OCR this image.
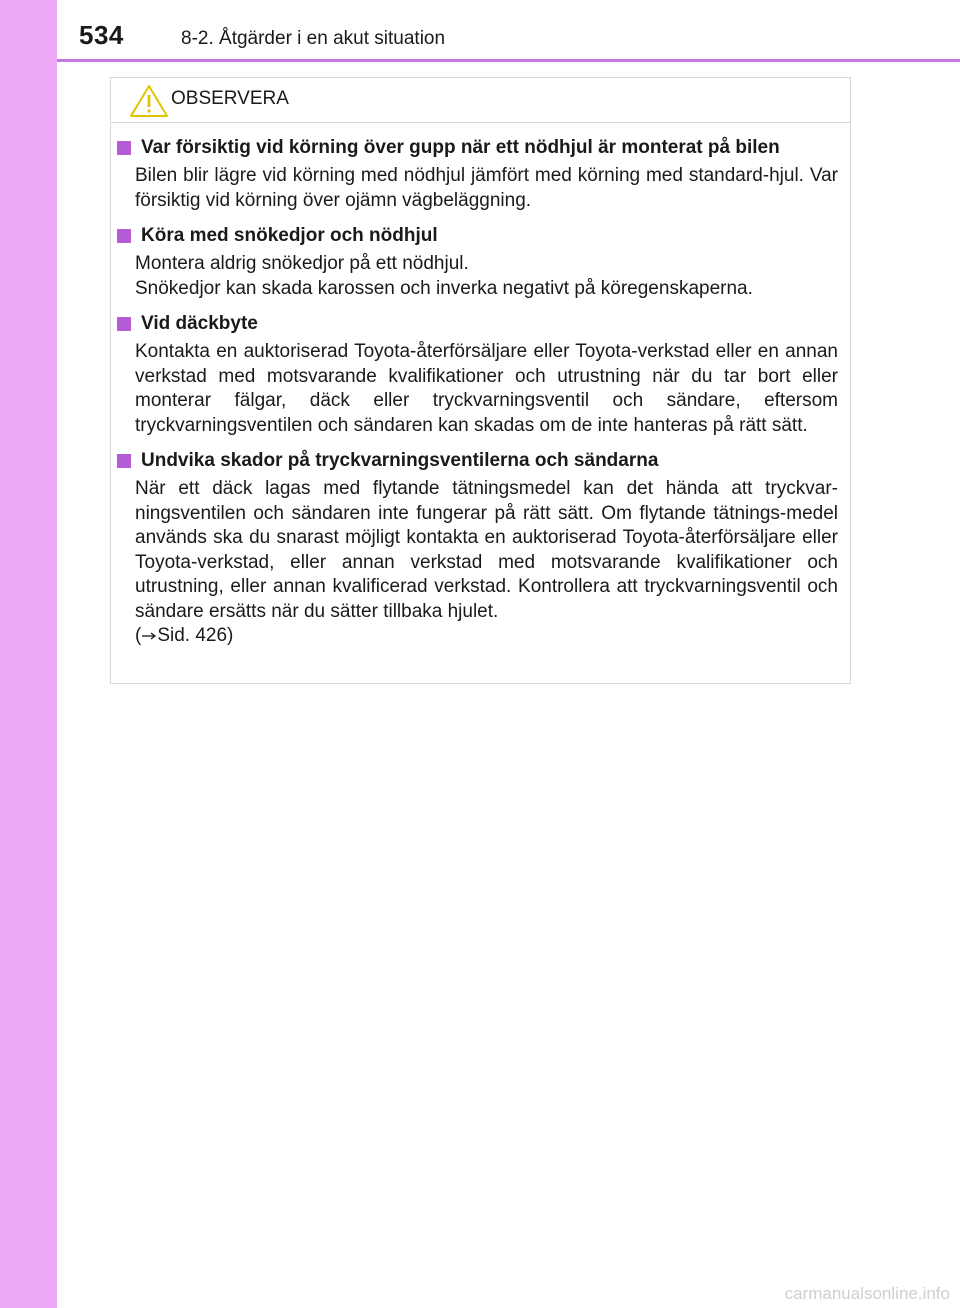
534	8-2. Åtgärder i en akut situation
OBSERVERA
Var försiktig vid körning över gupp när ett nödhjul är monterat på bilen

Bilen blir lägre vid körning med nödhjul jämfört med körning med standard-hjul. Var försiktig vid körning över ojämn vägbeläggning.

Köra med snökedjor och nödhjul

Montera aldrig snökedjor på ett nödhjul.

Snökedjor kan skada karossen och inverka negativt på köregenskaperna.

Vid däckbyte

Kontakta en auktoriserad Toyota-återförsäljare eller Toyota-verkstad eller en annan verkstad med motsvarande kvalifikationer och utrustning när du tar bort eller monterar fälgar, däck eller tryckvarningsventil och sändare, eftersom tryckvarningsventilen och sändaren kan skadas om de inte hanteras på rätt sätt.

Undvika skador på tryckvarningsventilerna och sändarna

När ett däck lagas med flytande tätningsmedel kan det hända att tryckvar-ningsventilen och sändaren inte fungerar på rätt sätt. Om flytande tätnings-medel används ska du snarast möjligt kontakta en auktoriserad Toyota-återförsäljare eller Toyota-verkstad, eller annan verkstad med motsvarande kvalifikationer och utrustning, eller annan kvalificerad verkstad. Kontrollera att tryckvarningsventil och sändare ersätts när du sätter tillbaka hjulet.

( Sid. 426)

carmanualsonline.info
